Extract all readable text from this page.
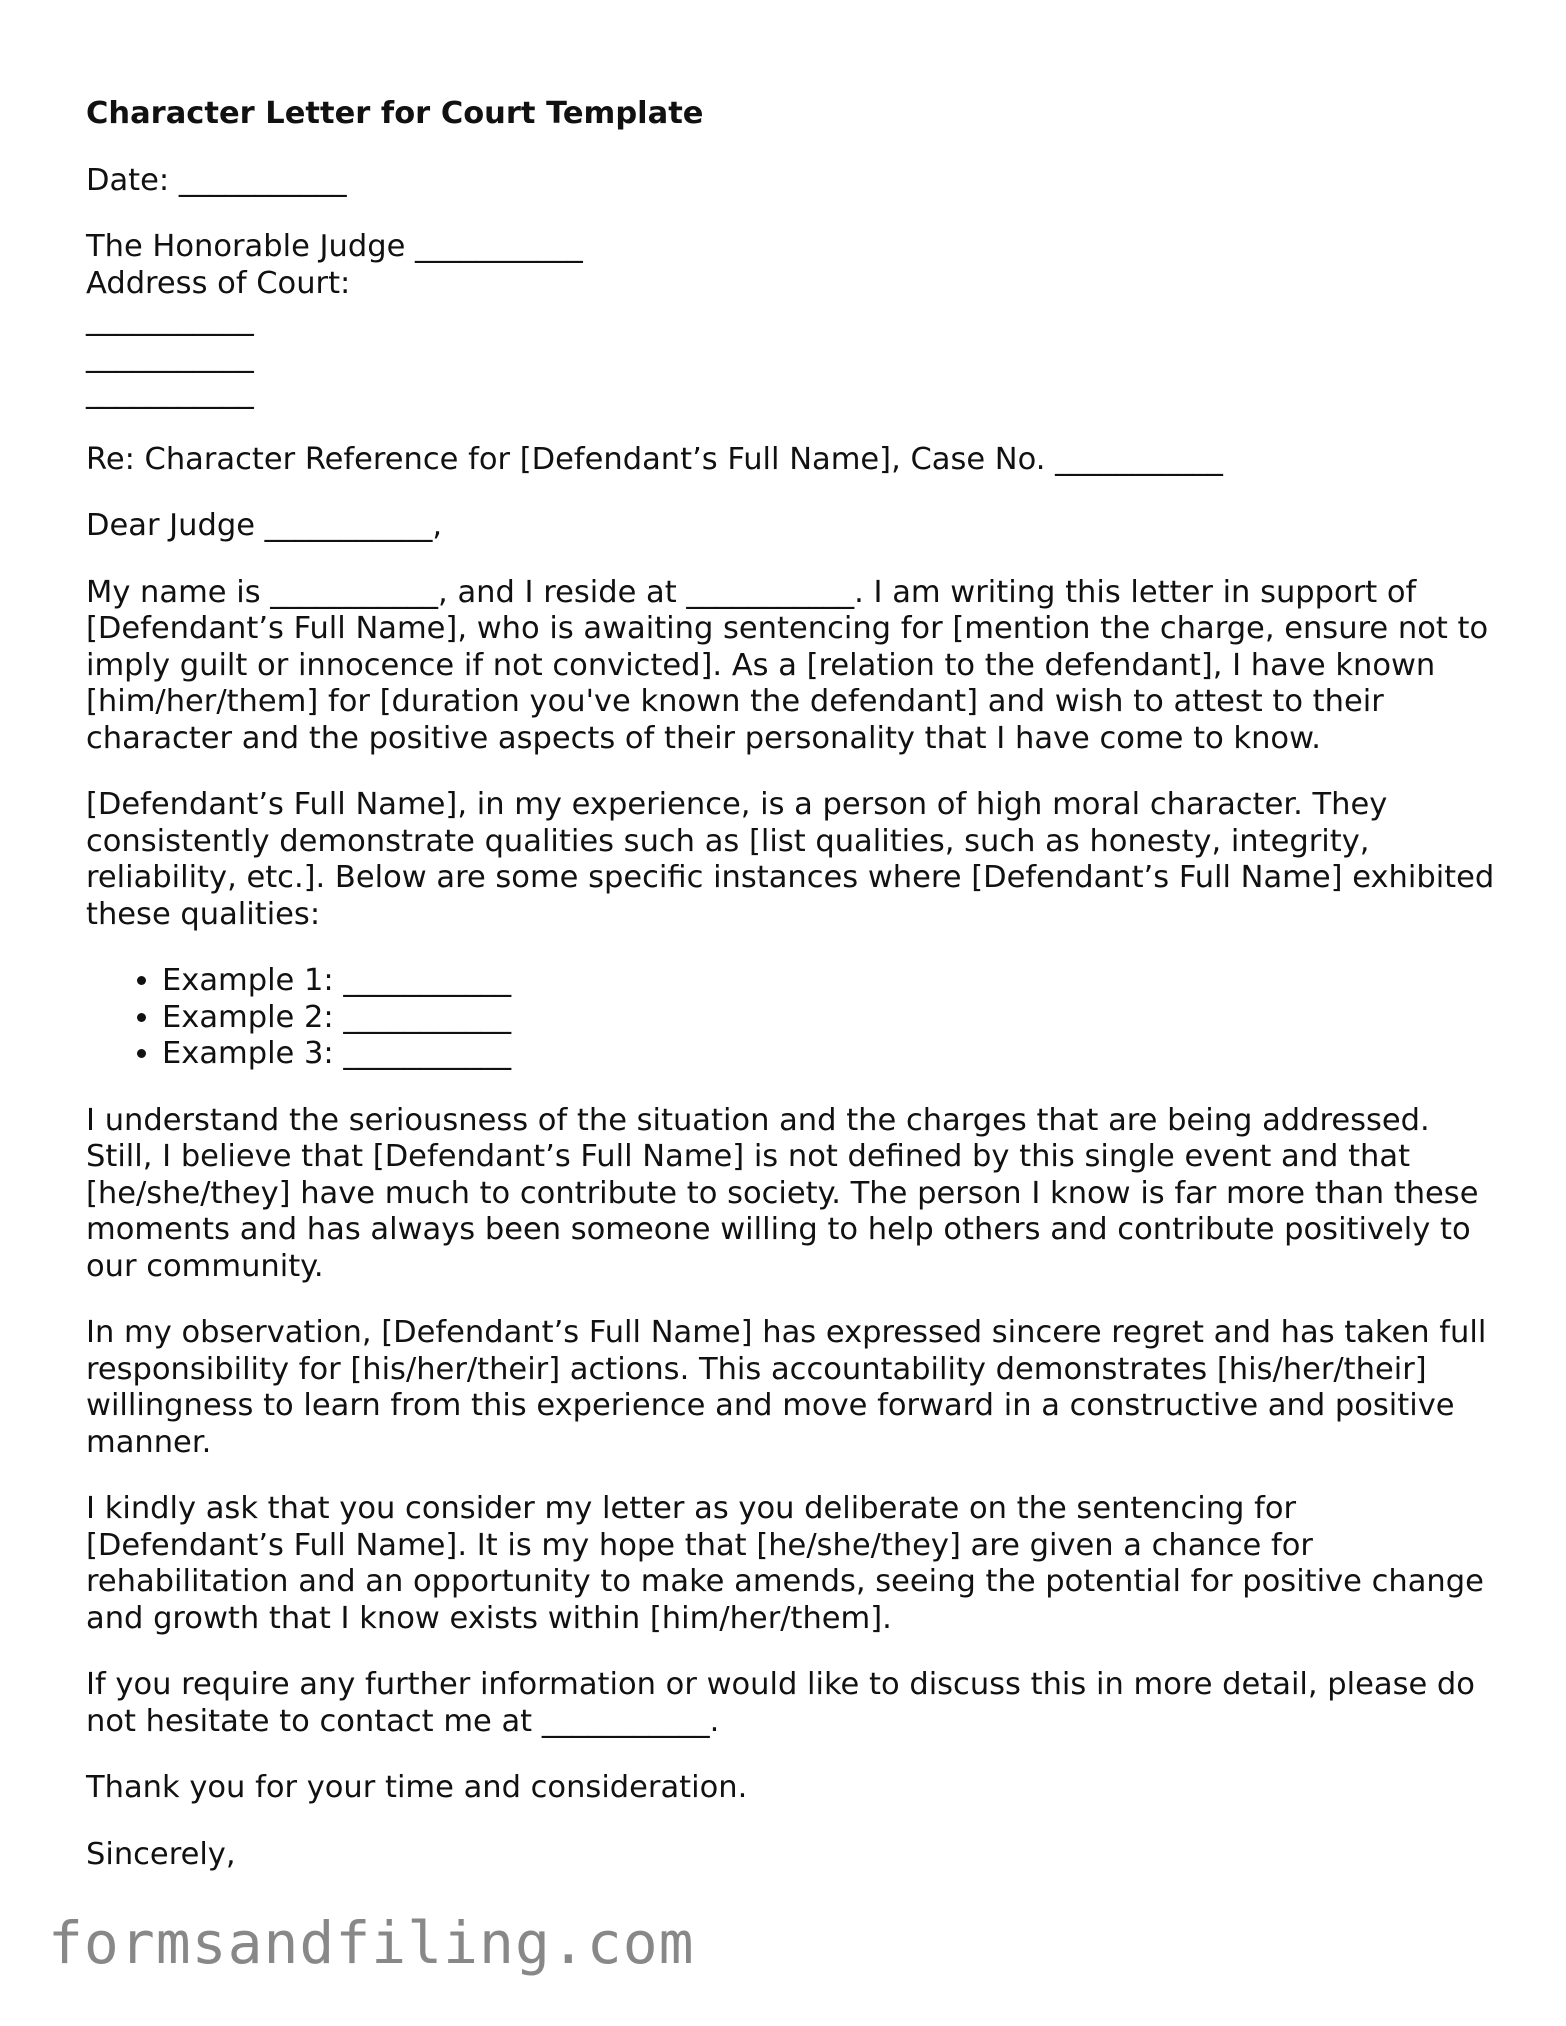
Character Letter for Court Template

Date: ___________

The Honorable Judge ___________
Address of Court:
___________
___________
___________

Re: Character Reference for [Defendant’s Full Name], Case No. ___________

Dear Judge ___________,

My name is ___________, and I reside at ___________. I am writing this letter in support of [Defendant’s Full Name], who is awaiting sentencing for [mention the charge, ensure not to imply guilt or innocence if not convicted]. As a [relation to the defendant], I have known [him/her/them] for [duration you've known the defendant] and wish to attest to their character and the positive aspects of their personality that I have come to know.

[Defendant’s Full Name], in my experience, is a person of high moral character. They consistently demonstrate qualities such as [list qualities, such as honesty, integrity, reliability, etc.]. Below are some specific instances where [Defendant’s Full Name] exhibited these qualities:

• Example 1: ___________
• Example 2: ___________
• Example 3: ___________

I understand the seriousness of the situation and the charges that are being addressed. Still, I believe that [Defendant’s Full Name] is not defined by this single event and that [he/she/they] have much to contribute to society. The person I know is far more than these moments and has always been someone willing to help others and contribute positively to our community.

In my observation, [Defendant’s Full Name] has expressed sincere regret and has taken full responsibility for [his/her/their] actions. This accountability demonstrates [his/her/their] willingness to learn from this experience and move forward in a constructive and positive manner.

I kindly ask that you consider my letter as you deliberate on the sentencing for [Defendant’s Full Name]. It is my hope that [he/she/they] are given a chance for rehabilitation and an opportunity to make amends, seeing the potential for positive change and growth that I know exists within [him/her/them].

If you require any further information or would like to discuss this in more detail, please do not hesitate to contact me at ___________.

Thank you for your time and consideration.

Sincerely,

formsandfiling.com
